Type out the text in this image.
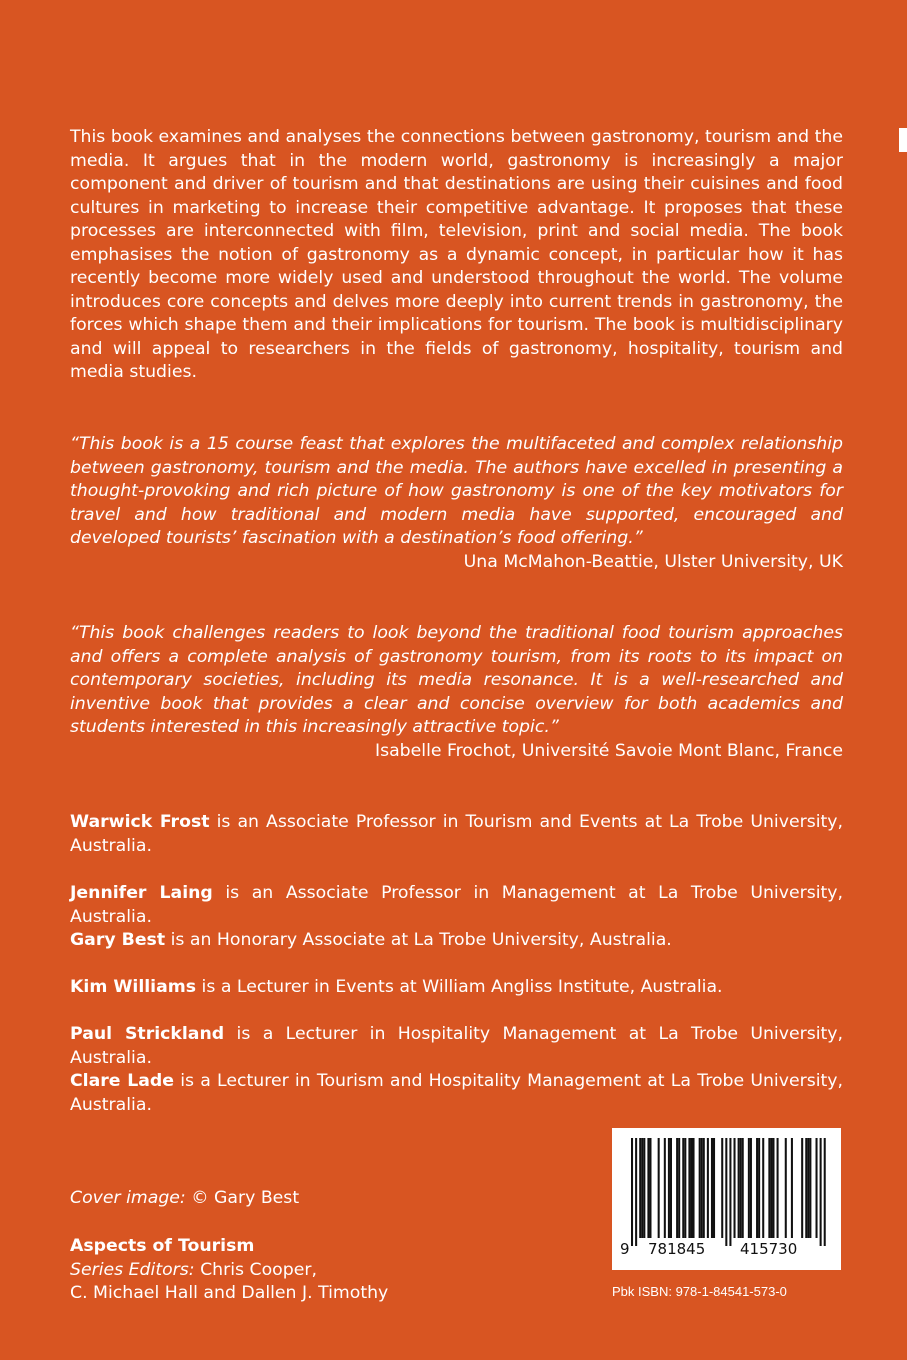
This book examines and analyses the connections between gastronomy, tourism and the media. It argues that in the modern world, gastronomy is increasingly a major component and driver of tourism and that destinations are using their cuisines and food cultures in marketing to increase their competitive advantage. It proposes that these processes are interconnected with film, television, print and social media. The book emphasises the notion of gastronomy as a dynamic concept, in particular how it has recently become more widely used and understood throughout the world. The volume introduces core concepts and delves more deeply into current trends in gastronomy, the forces which shape them and their implications for tourism. The book is multidisciplinary and will appeal to researchers in the fields of gastronomy, hospitality, tourism and media studies.

“This book is a 15 course feast that explores the multifaceted and complex relationship between gastronomy, tourism and the media. The authors have excelled in presenting a thought-provoking and rich picture of how gastronomy is one of the key motivators for travel and how traditional and modern media have supported, encouraged and developed tourists’ fascination with a destination’s food offering.”

Una McMahon-Beattie, Ulster University, UK

“This book challenges readers to look beyond the traditional food tourism approaches and offers a complete analysis of gastronomy tourism, from its roots to its impact on contemporary societies, including its media resonance. It is a well-researched and inventive book that provides a clear and concise overview for both academics and students interested in this increasingly attractive topic.”

Isabelle Frochot, Université Savoie Mont Blanc, France

Warwick Frost is an Associate Professor in Tourism and Events at La Trobe University, Australia.

Jennifer Laing is an Associate Professor in Management at La Trobe University, Australia.

Gary Best is an Honorary Associate at La Trobe University, Australia.

Kim Williams is a Lecturer in Events at William Angliss Institute, Australia.

Paul Strickland is a Lecturer in Hospitality Management at La Trobe University, Australia.

Clare Lade is a Lecturer in Tourism and Hospitality Management at La Trobe University, Australia.

Cover image: © Gary Best
Aspects of Tourism
Series Editors: Chris Cooper,
C. Michael Hall and Dallen J. Timothy
9 781845 415730
Pbk ISBN: 978-1-84541-573-0
